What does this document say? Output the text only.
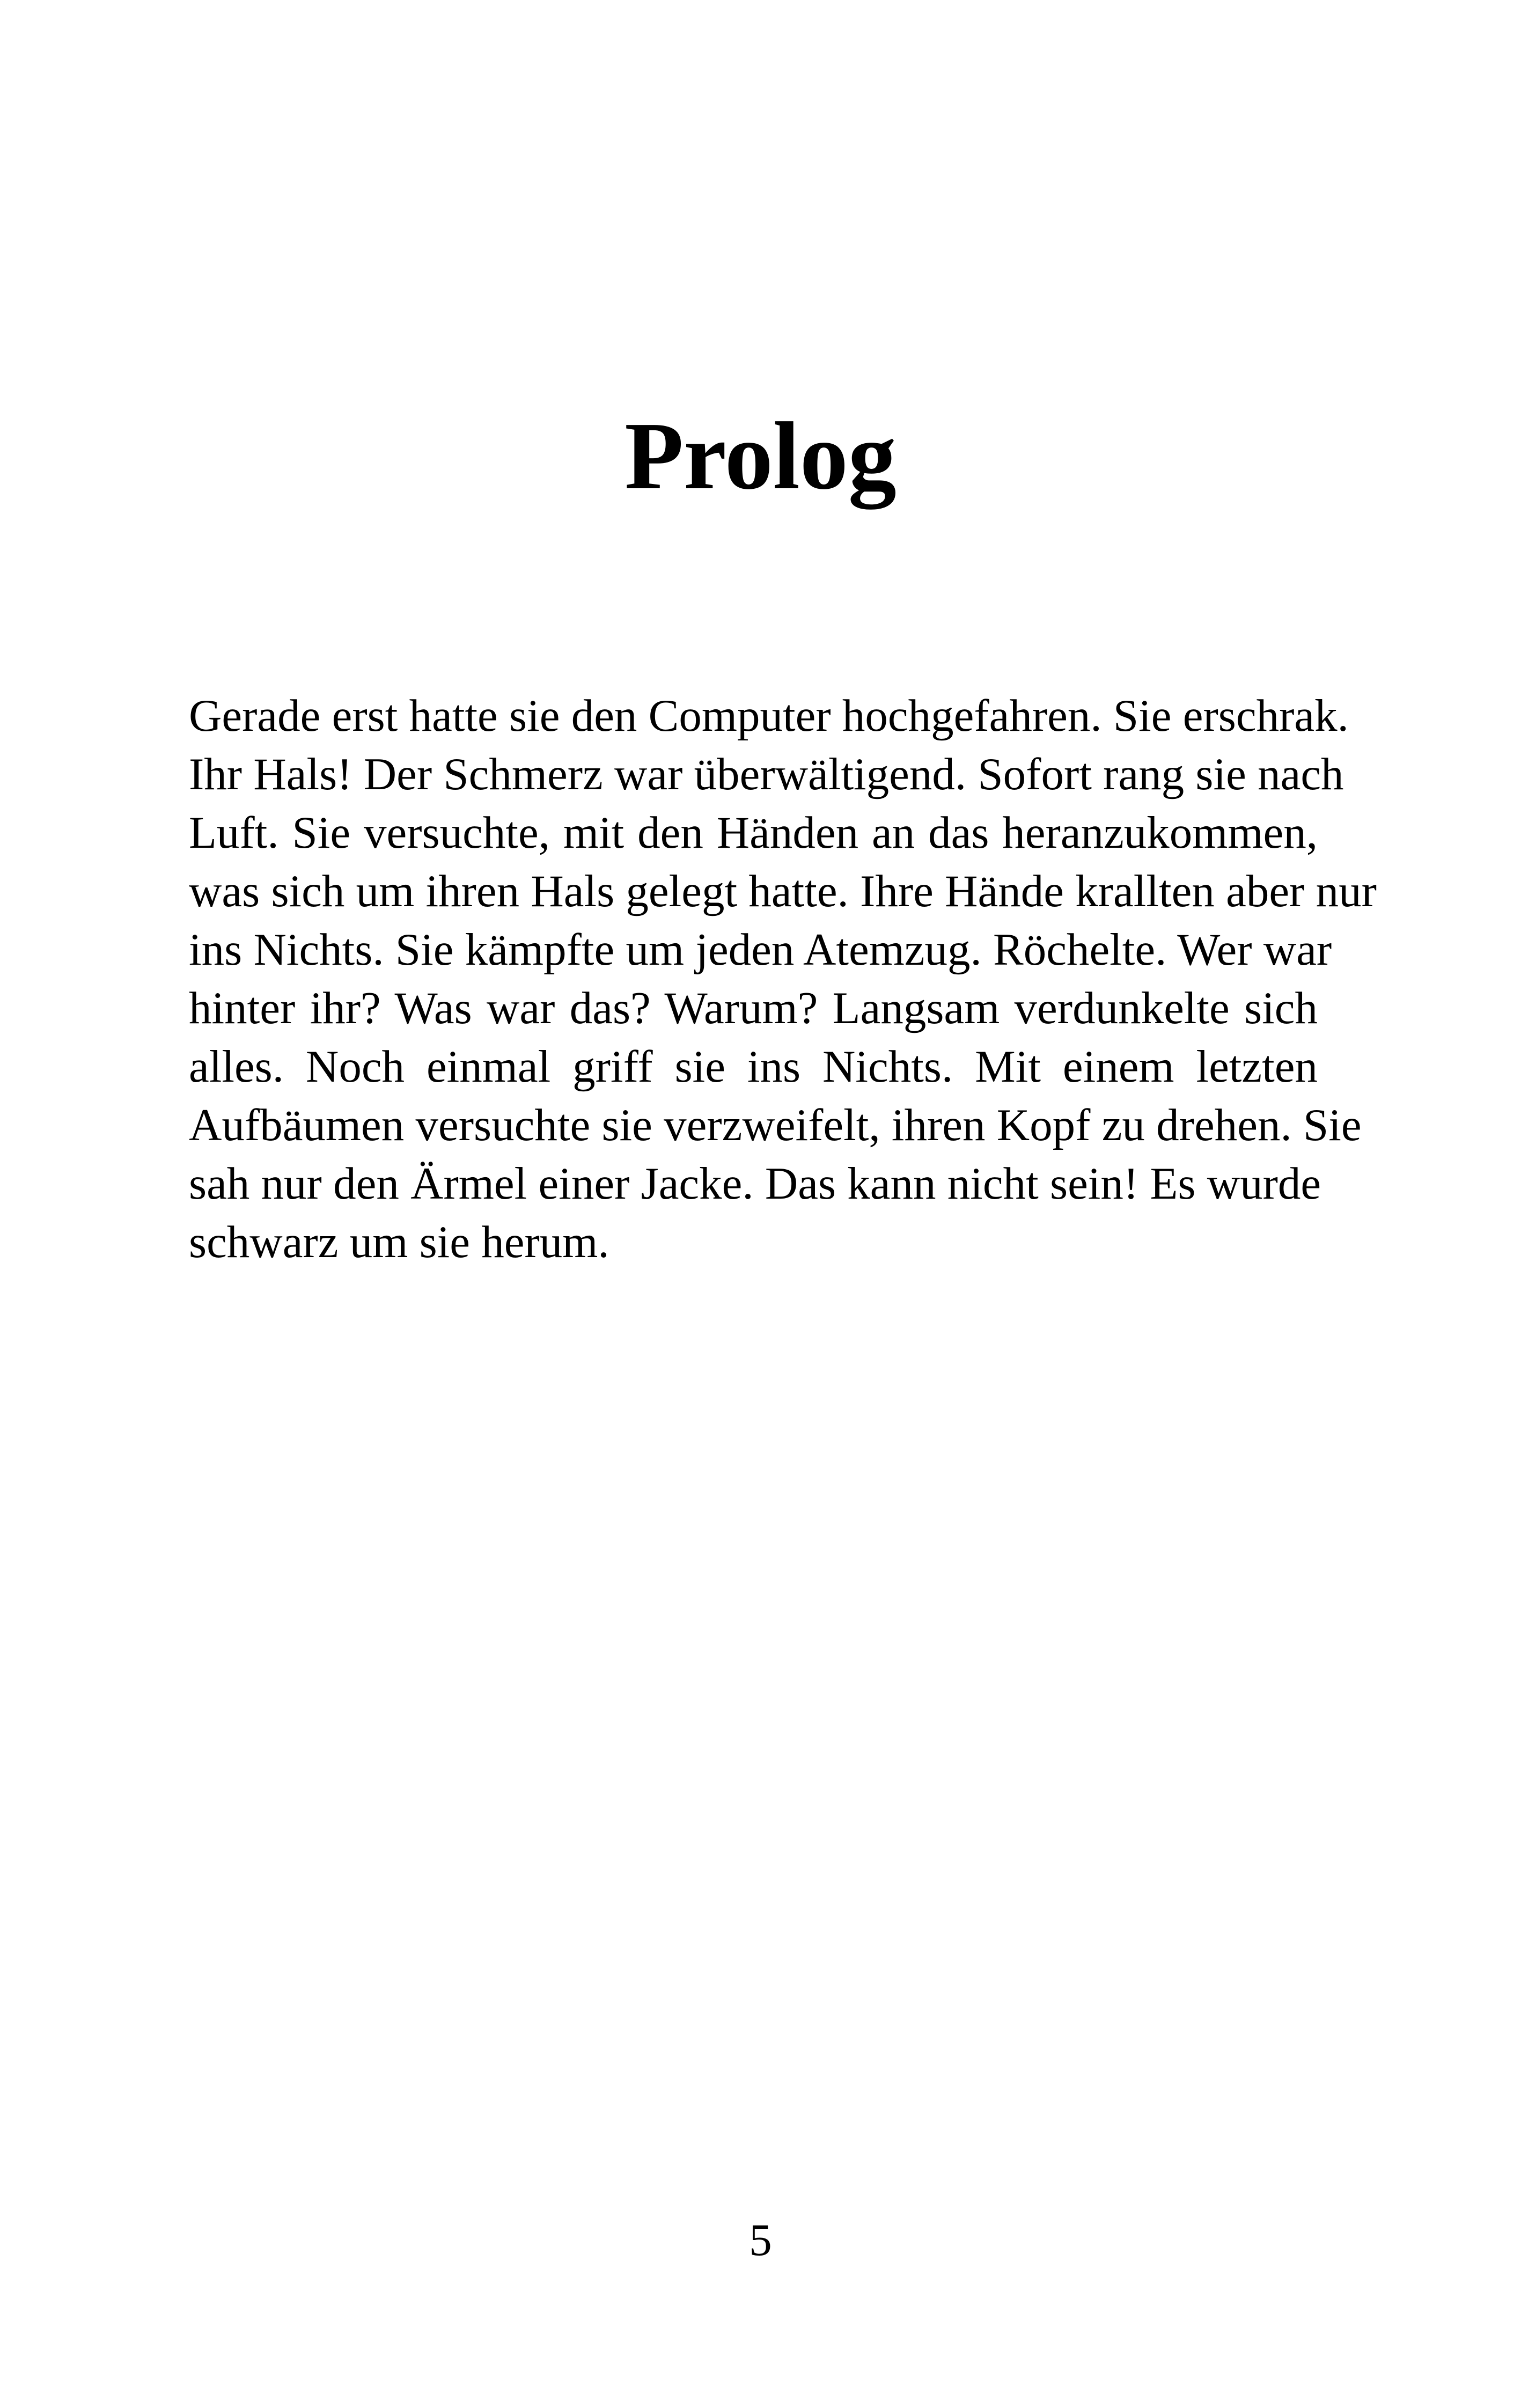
Prolog
Gerade erst hatte sie den Computer hochgefahren. Sie erschrak.
Ihr Hals! Der Schmerz war überwältigend. Sofort rang sie nach
Luft. Sie versuchte, mit den Händen an das heranzukommen,
was sich um ihren Hals gelegt hatte. Ihre Hände krallten aber nur
ins Nichts. Sie kämpfte um jeden Atemzug. Röchelte. Wer war
hinter ihr? Was war das? Warum? Langsam verdunkelte sich
alles. Noch einmal griff sie ins Nichts. Mit einem letzten
Aufbäumen versuchte sie verzweifelt, ihren Kopf zu drehen. Sie
sah nur den Ärmel einer Jacke. Das kann nicht sein! Es wurde
schwarz um sie herum.
5
